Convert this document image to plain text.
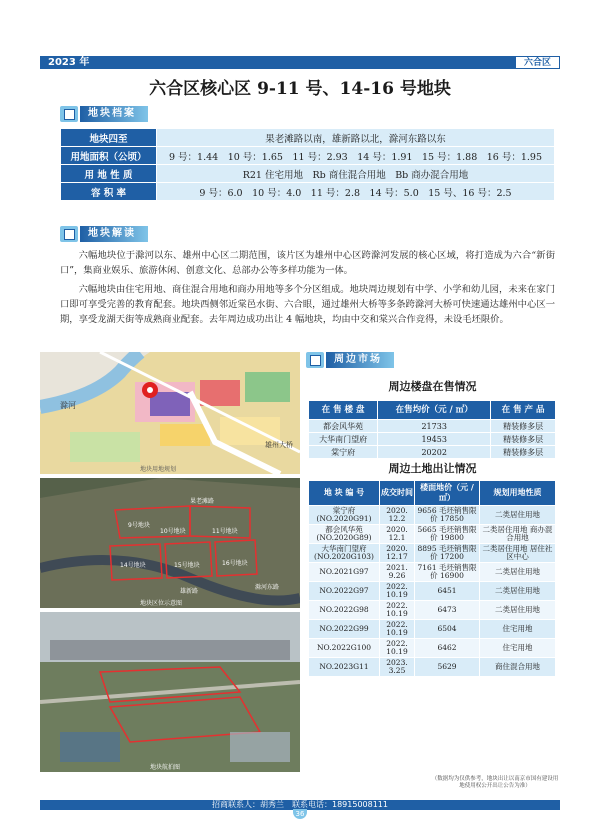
2023 年	六合区
六合区核心区 9-11 号、14-16 号地块
地块档案
地块四至	果老滩路以南，雄新路以北，滁河东路以东
用地面积（公顷）	9 号：1.44　10 号：1.65　11 号：2.93　14 号：1.91　15 号：1.88　16 号：1.95
用 地 性 质	R21 住宅用地　Rb 商住混合用地　Bb 商办混合用地
容 积 率	9 号：6.0　10 号：4.0　11 号：2.8　14 号：5.0　15 号、16 号：2.5
地块解读
六幅地块位于滁河以东、雄州中心区二期范围，该片区为雄州中心区跨滁河发展的核心区域，将打造成为六合“新街口”，集商业娱乐、旅游休闲、创意文化、总部办公等多样功能为一体。
六幅地块由住宅用地、商住混合用地和商办用地等多个分区组成。地块周边规划有中学、小学和幼儿园，未来在家门口即可享受完善的教育配套。地块西侧邻近棠邑水街、六合眼，通过雄州大桥等多条跨滁河大桥可快速通达雄州中心区一期，享受龙湖天街等成熟商业配套。去年周边成功出让 4 幅地块，均由中交和棠兴合作竞得，未设毛坯限价。
滁河
雄州大桥
地块用地规划
9号地块
10号地块	11号地块
14号地块	15号地块	16号地块
果老滩路
雄新路
滁河东路
地块区位示意图
地块航拍图
周边市场
周边楼盘在售情况
在 售 楼 盘	在售均价（元 / ㎡）	在 售 产 品
都会风华苑	21733	精装修多层
大华南门望府	19453	精装修多层
棠宁府	20202	精装修多层
周边土地出让情况
地 块 编 号	成交时间	楼面地价（元 / ㎡）	规划用地性质
棠宁府 (NO.2020G91)	2020. 12.2	9656 毛坯销售限价 17850	二类居住用地
都会风华苑 (NO.2020G89)	2020. 12.1	5665 毛坯销售限价 19800	二类居住用地 商办混合用地
大华南门望府 (NO.2020G103)	2020. 12.17	8895 毛坯销售限价 17200	二类居住用地 居住社区中心
NO.2021G97	2021. 9.26	7161 毛坯销售限价 16900	二类居住用地
NO.2022G97	2022. 10.19	6451	二类居住用地
NO.2022G98	2022. 10.19	6473	二类居住用地
NO.2022G99	2022. 10.19	6504	住宅用地
NO.2022G100	2022. 10.19	6462	住宅用地
NO.2023G11	2023. 3.25	5629	商住混合用地
（数据均为仅供参考，地块出让以南京市国有建设用地使用权公开出让公告为准）
招商联系人：胡秀兰　联系电话：18915008111
36
